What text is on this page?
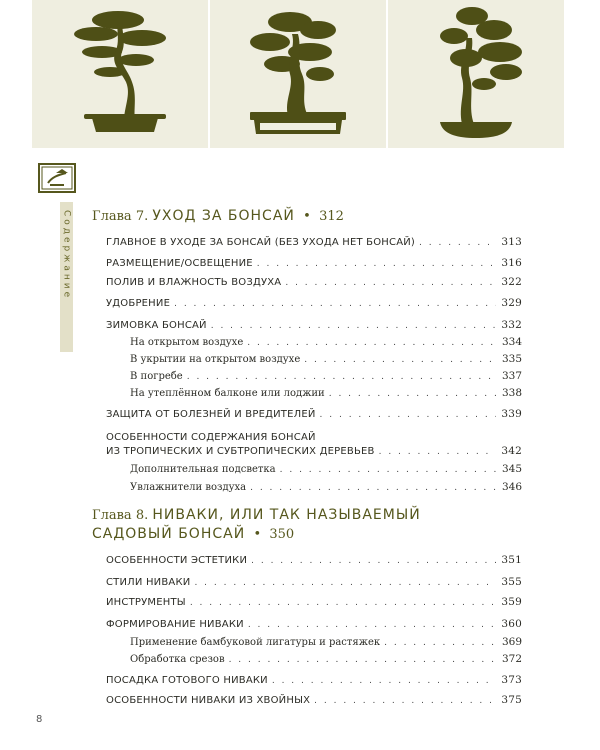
Содержание Глава 7. УХОД ЗА БОНСАЙ  •  312
ГЛАВНОЕ В УХОДЕ ЗА БОНСАЙ (БЕЗ УХОДА НЕТ БОНСАЙ) . . .	313
РАЗМЕЩЕНИЕ/ОСВЕЩЕНИЕ . . .	316
ПОЛИВ И ВЛАЖНОСТЬ ВОЗДУХА . . .	322
УДОБРЕНИЕ . . .	329
ЗИМОВКА БОНСАЙ . . .	332
На открытом воздухе . . .	334
В укрытии на открытом воздухе . . .	335
В погребе . . .	337
На утеплённом балконе или лоджии . . .	338
ЗАЩИТА ОТ БОЛЕЗНЕЙ И ВРЕДИТЕЛЕЙ . . .	339
ОСОБЕННОСТИ СОДЕРЖАНИЯ БОНСАЙ
ИЗ ТРОПИЧЕСКИХ И СУБТРОПИЧЕСКИХ ДЕРЕВЬЕВ . . .	342
Дополнительная подсветка . . .	345
Увлажнители воздуха . . .	346
Глава 8. НИВАКИ, ИЛИ ТАК НАЗЫВАЕМЫЙ
САДОВЫЙ БОНСАЙ  •  350
ОСОБЕННОСТИ ЭСТЕТИКИ . . .	351
СТИЛИ НИВАКИ . . .	355
ИНСТРУМЕНТЫ . . .	359
ФОРМИРОВАНИЕ НИВАКИ . . .	360
Применение бамбуковой лигатуры и растяжек . . .	369
Обработка срезов . . .	372
ПОСАДКА ГОТОВОГО НИВАКИ . . .	373
ОСОБЕННОСТИ НИВАКИ ИЗ ХВОЙНЫХ . . .	375
8
